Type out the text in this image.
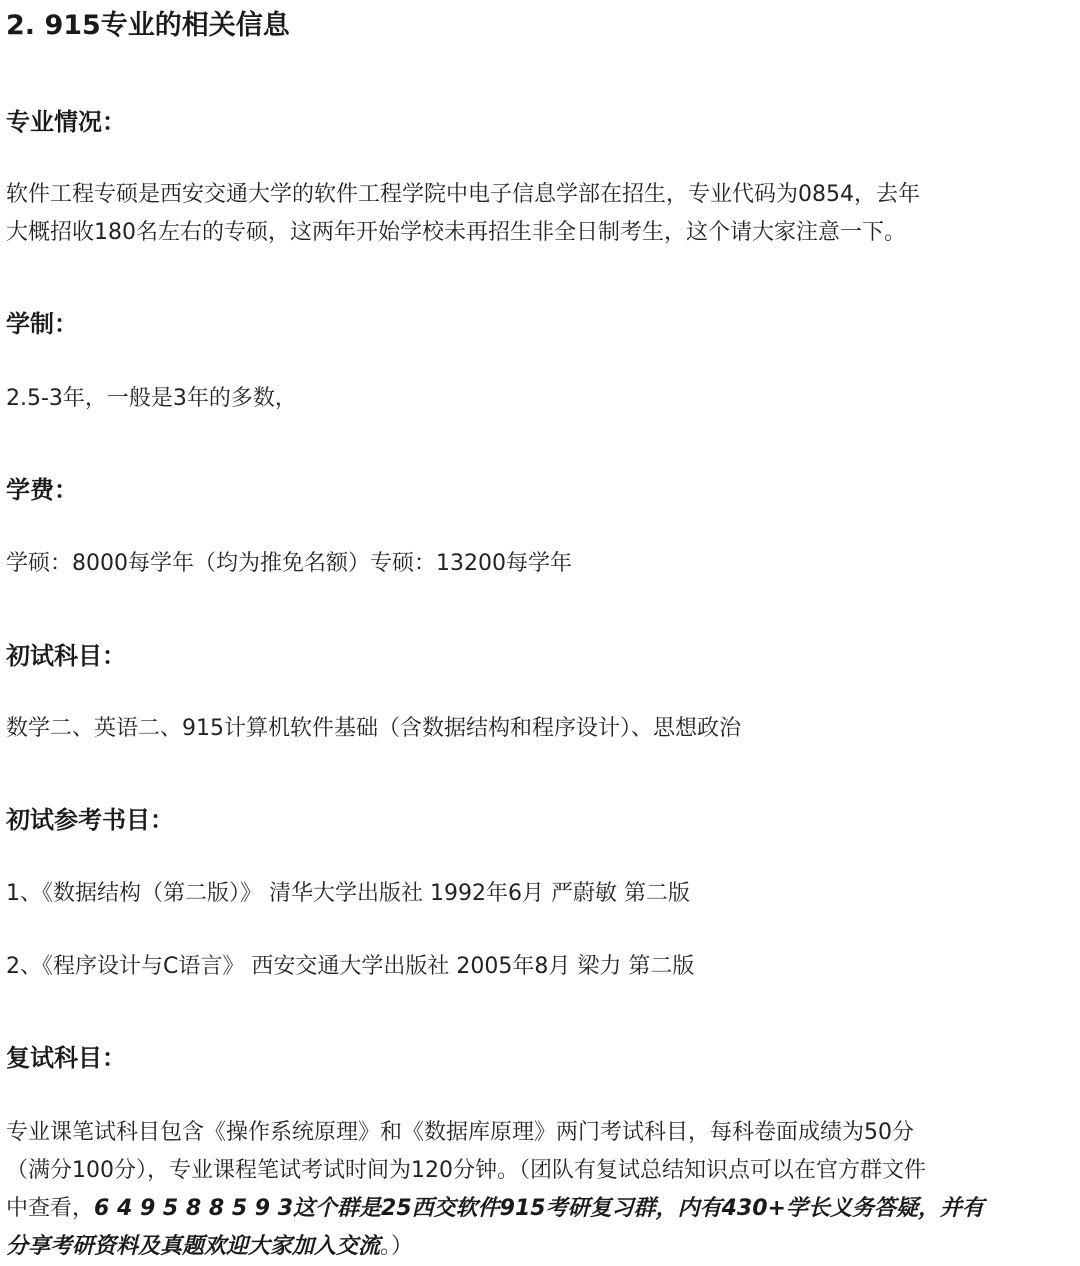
2. 915专业的相关信息
专业情况：
软件工程专硕是西安交通大学的软件工程学院中电子信息学部在招生，专业代码为0854，去年
大概招收180名左右的专硕，这两年开始学校未再招生非全日制考生，这个请大家注意一下。
学制：

2.5-3年，一般是3年的多数，

学费：

学硕：8000每学年（均为推免名额）专硕：13200每学年

初试科目：

数学二、英语二、915计算机软件基础（含数据结构和程序设计）、思想政治

初试参考书目：

1、《数据结构（第二版）》 清华大学出版社 1992年6月 严蔚敏 第二版

2、《程序设计与C语言》 西安交通大学出版社 2005年8月 梁力 第二版

复试科目：
专业课笔试科目包含《操作系统原理》和《数据库原理》两门考试科目，每科卷面成绩为50分
（满分100分），专业课程笔试考试时间为120分钟。（团队有复试总结知识点可以在官方群文件
中查看，6 4 9 5 8 8 5 9 3这个群是25西交软件915考研复习群，内有430+学长义务答疑，并有
分享考研资料及真题欢迎大家加入交流。）
